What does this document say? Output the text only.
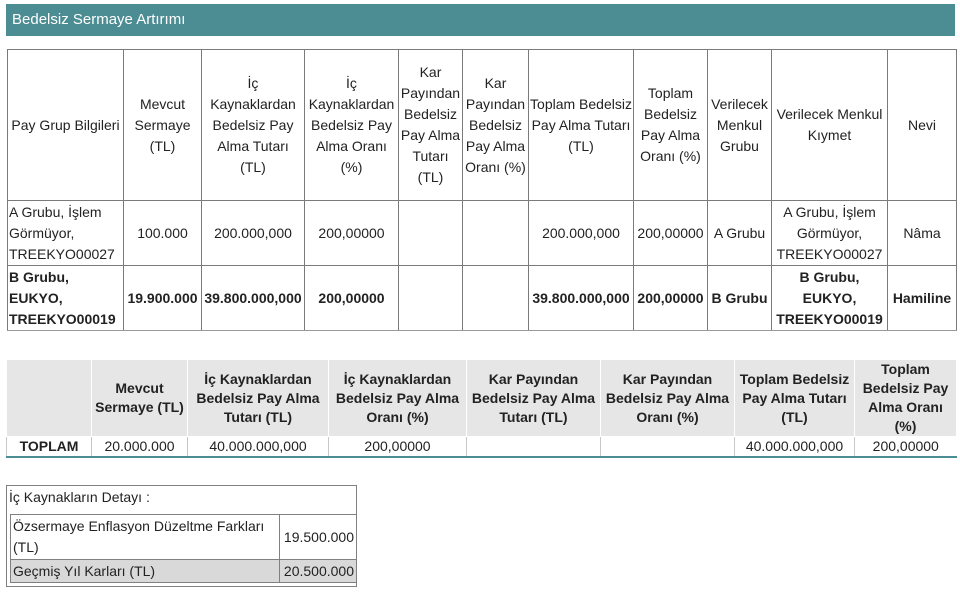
Bedelsiz Sermaye Artırımı
Pay Grup Bilgileri	Mevcut Sermaye (TL)	İç Kaynaklardan Bedelsiz Pay Alma Tutarı (TL)	İç Kaynaklardan Bedelsiz Pay Alma Oranı (%)	Kar Payından Bedelsiz Pay Alma Tutarı (TL)	Kar Payından Bedelsiz Pay Alma Oranı (%)	Toplam Bedelsiz Pay Alma Tutarı (TL)	Toplam Bedelsiz Pay Alma Oranı (%)	Verilecek Menkul Grubu	Verilecek Menkul Kıymet	Nevi
A Grubu, İşlem Görmüyor, TREEKYO00027	100.000	200.000,000	200,00000			200.000,000	200,00000	A Grubu	A Grubu, İşlem Görmüyor, TREEKYO00027	Nâma
B Grubu, EUKYO, TREEKYO00019	19.900.000	39.800.000,000	200,00000			39.800.000,000	200,00000	B Grubu	B Grubu, EUKYO, TREEKYO00019	Hamiline
	Mevcut Sermaye (TL)	İç Kaynaklardan Bedelsiz Pay Alma Tutarı (TL)	İç Kaynaklardan Bedelsiz Pay Alma Oranı (%)	Kar Payından Bedelsiz Pay Alma Tutarı (TL)	Kar Payından Bedelsiz Pay Alma Oranı (%)	Toplam Bedelsiz Pay Alma Tutarı (TL)	Toplam Bedelsiz Pay Alma Oranı (%)
TOPLAM	20.000.000	40.000.000,000	200,00000			40.000.000,000	200,00000
İç Kaynakların Detayı :
Özsermaye Enflasyon Düzeltme Farkları (TL)	19.500.000
Geçmiş Yıl Karları (TL)	20.500.000
